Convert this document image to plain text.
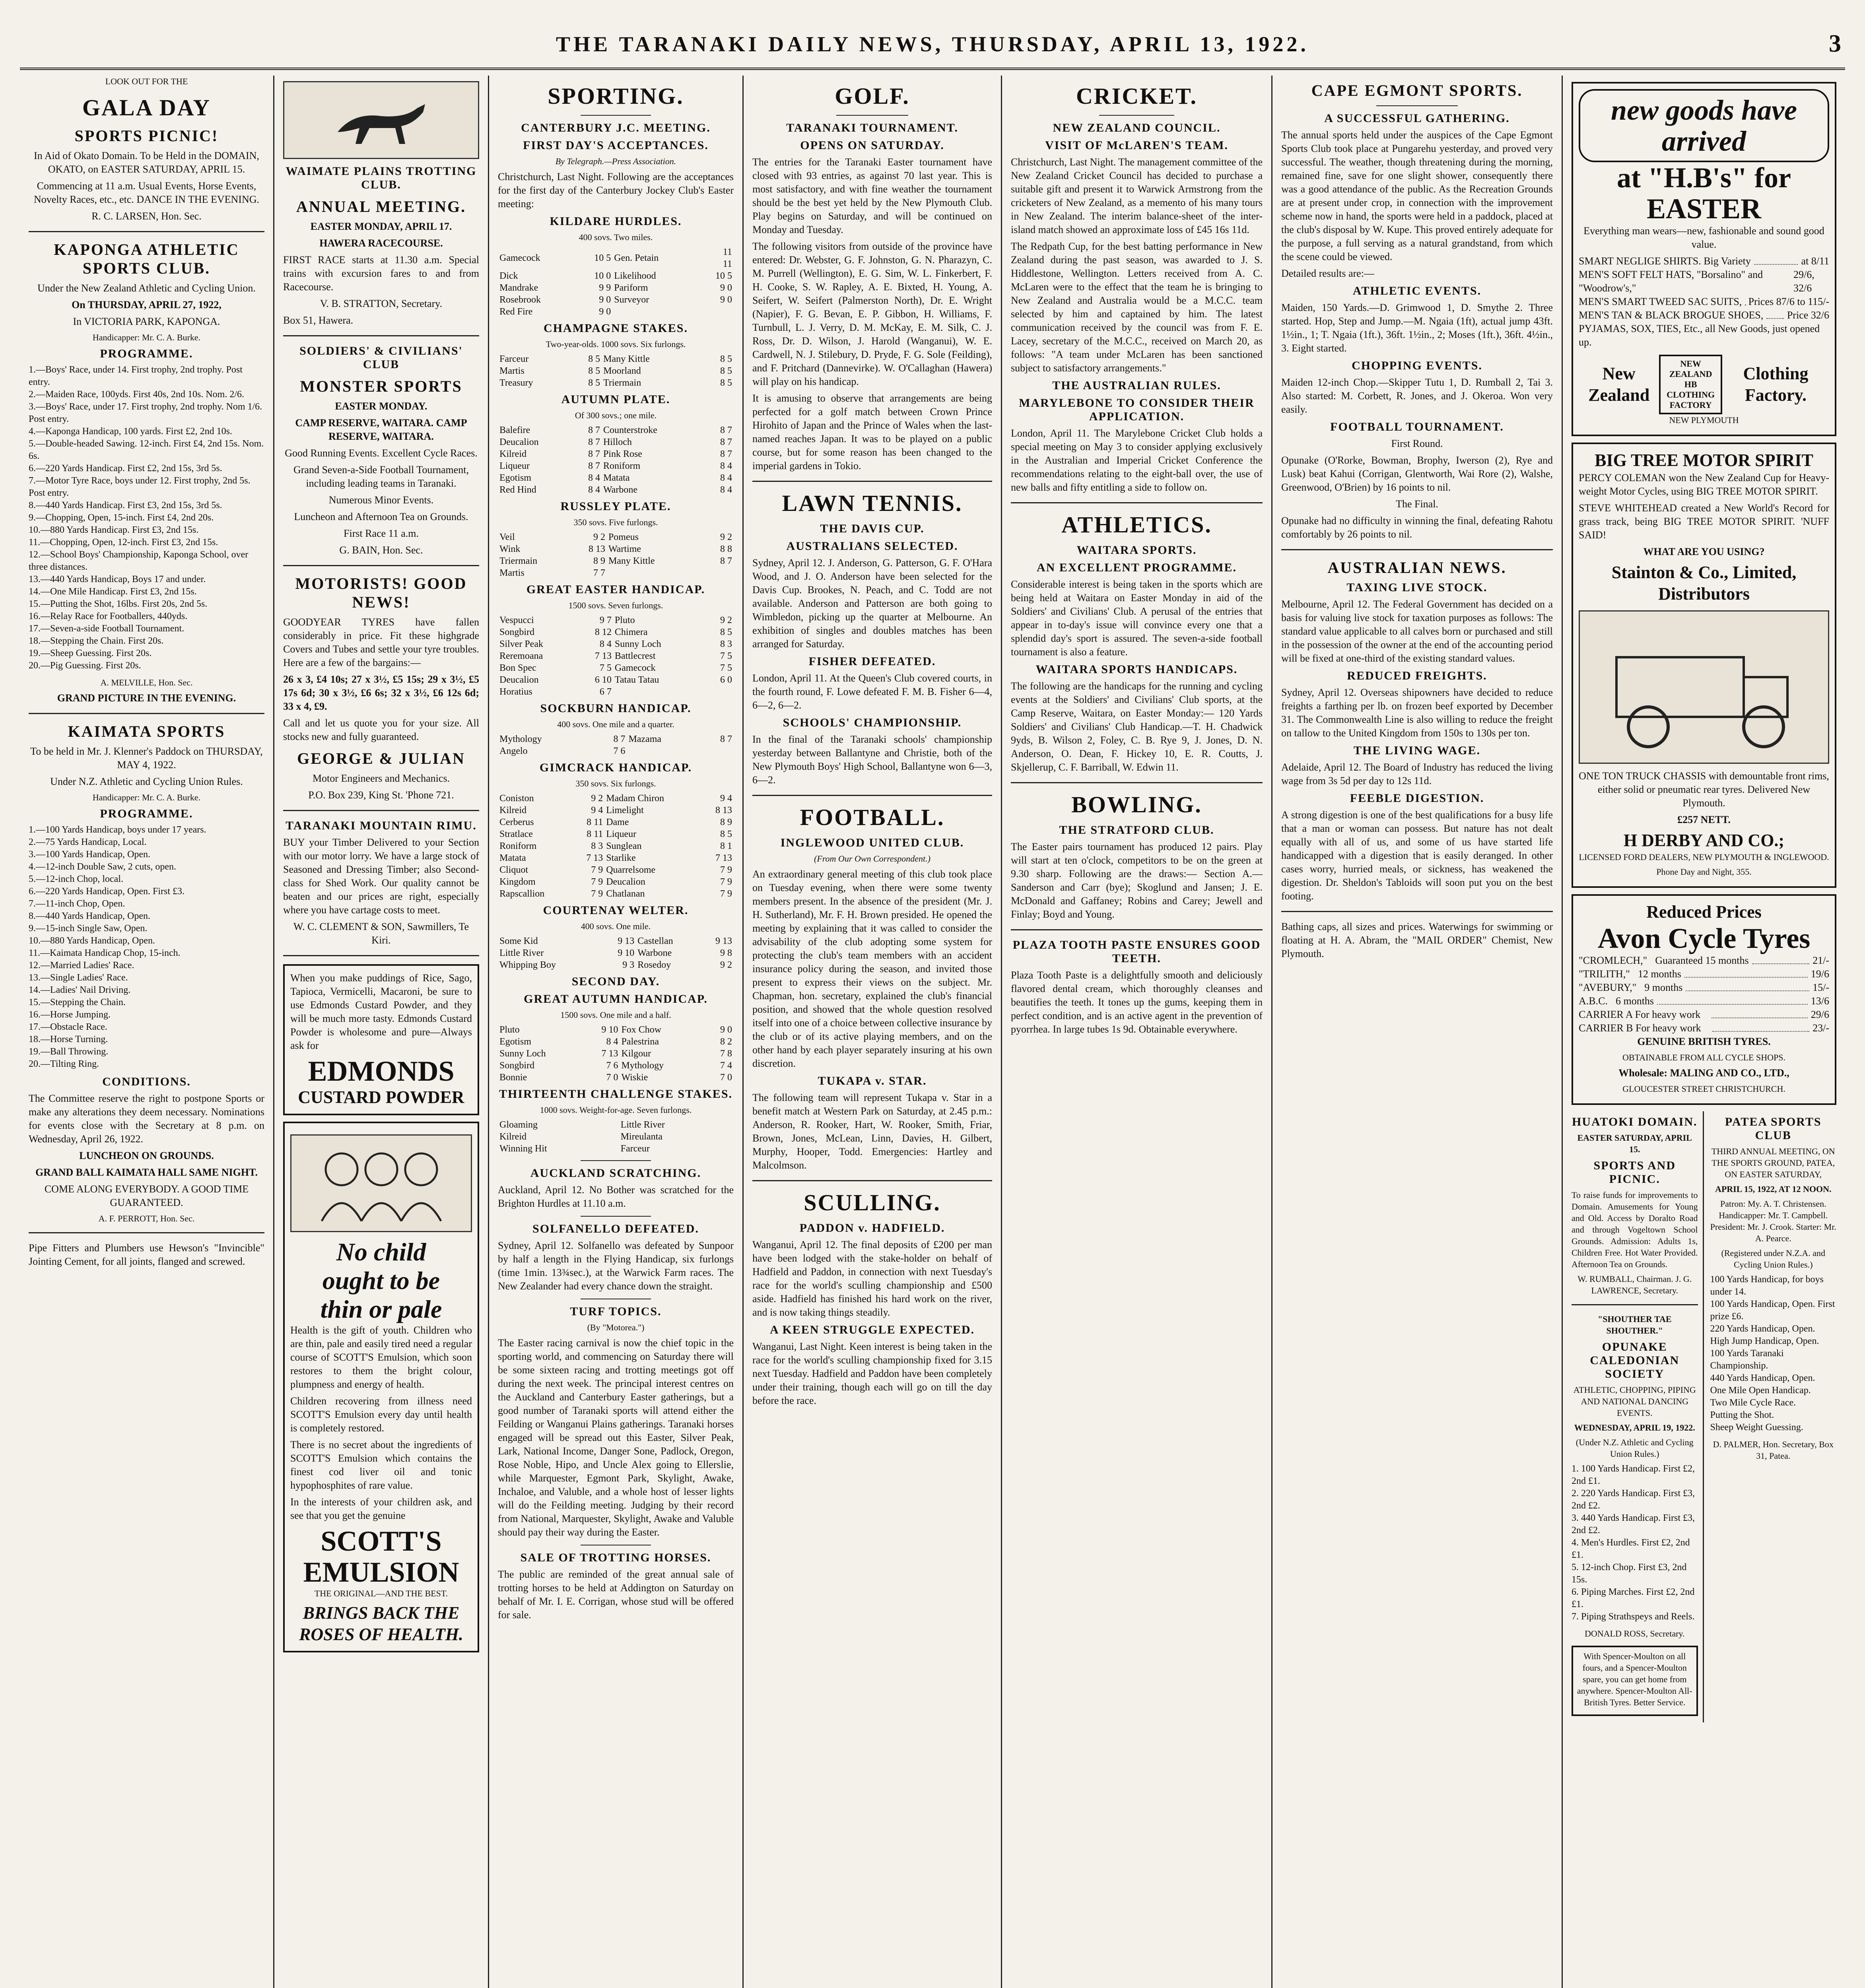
THE TARANAKI DAILY NEWS, THURSDAY, APRIL 13, 1922.	3

LOOK OUT FOR THE

GALA DAY
SPORTS PICNIC!

In Aid of Okato Domain. To be Held in the DOMAIN, OKATO, on EASTER SATURDAY, APRIL 15.

Commencing at 11 a.m. Usual Events, Horse Events, Novelty Races, etc., etc. DANCE IN THE EVENING.

R. C. LARSEN, Hon. Sec.

KAPONGA ATHLETIC SPORTS CLUB.

Under the New Zealand Athletic and Cycling Union.

On THURSDAY, APRIL 27, 1922,

In VICTORIA PARK, KAPONGA.

Handicapper: Mr. C. A. Burke.

PROGRAMME.
1.—Boys' Race, under 14. First trophy, 2nd trophy. Post entry.
2.—Maiden Race, 100yds. First 40s, 2nd 10s. Nom. 2/6.
3.—Boys' Race, under 17. First trophy, 2nd trophy. Nom 1/6. Post entry.
4.—Kaponga Handicap, 100 yards. First £2, 2nd 10s.
5.—Double-headed Sawing. 12-inch. First £4, 2nd 15s. Nom. 6s.
6.—220 Yards Handicap. First £2, 2nd 15s, 3rd 5s.
7.—Motor Tyre Race, boys under 12. First trophy, 2nd 5s. Post entry.
8.—440 Yards Handicap. First £3, 2nd 15s, 3rd 5s.
9.—Chopping, Open, 15-inch. First £4, 2nd 20s.
10.—880 Yards Handicap. First £3, 2nd 15s.
11.—Chopping, Open, 12-inch. First £3, 2nd 15s.
12.—School Boys' Championship, Kaponga School, over three distances.
13.—440 Yards Handicap, Boys 17 and under.
14.—One Mile Handicap. First £3, 2nd 15s.
15.—Putting the Shot, 16lbs. First 20s, 2nd 5s.
16.—Relay Race for Footballers, 440yds.
17.—Seven-a-side Football Tournament.
18.—Stepping the Chain. First 20s.
19.—Sheep Guessing. First 20s.
20.—Pig Guessing. First 20s.

A. MELVILLE, Hon. Sec.

GRAND PICTURE IN THE EVENING.

KAIMATA SPORTS

To be held in Mr. J. Klenner's Paddock on THURSDAY, MAY 4, 1922.

Under N.Z. Athletic and Cycling Union Rules.

Handicapper: Mr. C. A. Burke.

PROGRAMME.
1.—100 Yards Handicap, boys under 17 years.
2.—75 Yards Handicap, Local.
3.—100 Yards Handicap, Open.
4.—12-inch Double Saw, 2 cuts, open.
5.—12-inch Chop, local.
6.—220 Yards Handicap, Open. First £3.
7.—11-inch Chop, Open.
8.—440 Yards Handicap, Open.
9.—15-inch Single Saw, Open.
10.—880 Yards Handicap, Open.
11.—Kaimata Handicap Chop, 15-inch.
12.—Married Ladies' Race.
13.—Single Ladies' Race.
14.—Ladies' Nail Driving.
15.—Stepping the Chain.
16.—Horse Jumping.
17.—Obstacle Race.
18.—Horse Turning.
19.—Ball Throwing.
20.—Tilting Ring.
CONDITIONS.

The Committee reserve the right to postpone Sports or make any alterations they deem necessary. Nominations for events close with the Secretary at 8 p.m. on Wednesday, April 26, 1922.

LUNCHEON ON GROUNDS.

GRAND BALL KAIMATA HALL SAME NIGHT.

COME ALONG EVERYBODY. A GOOD TIME GUARANTEED.

A. F. PERROTT, Hon. Sec.

Pipe Fitters and Plumbers use Hewson's "Invincible" Jointing Cement, for all joints, flanged and screwed.

WAIMATE PLAINS TROTTING CLUB.
ANNUAL MEETING.

EASTER MONDAY, APRIL 17.

HAWERA RACECOURSE.

FIRST RACE starts at 11.30 a.m. Special trains with excursion fares to and from Racecourse.

V. B. STRATTON, Secretary.

Box 51, Hawera.

SOLDIERS' & CIVILIANS' CLUB
MONSTER SPORTS

EASTER MONDAY.

CAMP RESERVE, WAITARA. CAMP RESERVE, WAITARA.

Good Running Events. Excellent Cycle Races.

Grand Seven-a-Side Football Tournament, including leading teams in Taranaki.

Numerous Minor Events.

Luncheon and Afternoon Tea on Grounds.

First Race 11 a.m.

G. BAIN, Hon. Sec.

MOTORISTS! GOOD NEWS!

GOODYEAR TYRES have fallen considerably in price. Fit these highgrade Covers and Tubes and settle your tyre troubles. Here are a few of the bargains:—

26 x 3, £4 10s; 27 x 3½, £5 15s; 29 x 3½, £5 17s 6d; 30 x 3½, £6 6s; 32 x 3½, £6 12s 6d; 33 x 4, £9.

Call and let us quote you for your size. All stocks new and fully guaranteed.

GEORGE & JULIAN

Motor Engineers and Mechanics.

P.O. Box 239, King St. 'Phone 721.

TARANAKI MOUNTAIN RIMU.

BUY your Timber Delivered to your Section with our motor lorry. We have a large stock of Seasoned and Dressing Timber; also Second-class for Shed Work. Our quality cannot be beaten and our prices are right, especially where you have cartage costs to meet.

W. C. CLEMENT & SON, Sawmillers, Te Kiri.

When you make puddings of Rice, Sago, Tapioca, Vermicelli, Macaroni, be sure to use Edmonds Custard Powder, and they will be much more tasty. Edmonds Custard Powder is wholesome and pure—Always ask for

EDMONDS
CUSTARD POWDER
No child
ought to be
thin or pale

Health is the gift of youth. Children who are thin, pale and easily tired need a regular course of SCOTT'S Emulsion, which soon restores to them the bright colour, plumpness and energy of health.

Children recovering from illness need SCOTT'S Emulsion every day until health is completely restored.

There is no secret about the ingredients of SCOTT'S Emulsion which contains the finest cod liver oil and tonic hypophosphites of rare value.

In the interests of your children ask, and see that you get the genuine

SCOTT'S EMULSION

THE ORIGINAL—AND THE BEST.

BRINGS BACK THE ROSES OF HEALTH.
SPORTING.
CANTERBURY J.C. MEETING.
FIRST DAY'S ACCEPTANCES.

By Telegraph.—Press Association.

Christchurch, Last Night. Following are the acceptances for the first day of the Canterbury Jockey Club's Easter meeting:

KILDARE HURDLES.

400 sovs. Two miles.

Gamecock	10 5	Gen. Petain	11 11
Dick	10 0	Likelihood	10 5
Mandrake	9 9	Pariform	9 0
Rosebrook	9 0	Surveyor	9 0
Red Fire	9 0		
CHAMPAGNE STAKES.

Two-year-olds. 1000 sovs. Six furlongs.

Farceur	8 5	Many Kittle	8 5
Martis	8 5	Moorland	8 5
Treasury	8 5	Triermain	8 5
AUTUMN PLATE.

Of 300 sovs.; one mile.

Balefire	8 7	Counterstroke	8 7
Deucalion	8 7	Hilloch	8 7
Kilreid	8 7	Pink Rose	8 7
Liqueur	8 7	Roniform	8 4
Egotism	8 4	Matata	8 4
Red Hind	8 4	Warbone	8 4
RUSSLEY PLATE.

350 sovs. Five furlongs.

Veil	9 2	Pomeus	9 2
Wink	8 13	Wartime	8 8
Triermain	8 9	Many Kittle	8 7
Martis	7 7		
GREAT EASTER HANDICAP.

1500 sovs. Seven furlongs.

Vespucci	9 7	Pluto	9 2
Songbird	8 12	Chimera	8 5
Silver Peak	8 4	Sunny Loch	8 3
Reremoana	7 13	Battlecrest	7 5
Bon Spec	7 5	Gamecock	7 5
Deucalion	6 10	Tatau Tatau	6 0
Horatius	6 7		
SOCKBURN HANDICAP.

400 sovs. One mile and a quarter.

Mythology	8 7	Mazama	8 7
Angelo	7 6		
GIMCRACK HANDICAP.

350 sovs. Six furlongs.

Coniston	9 2	Madam Chiron	9 4
Kilreid	9 4	Limelight	8 13
Cerberus	8 11	Dame	8 9
Stratlace	8 11	Liqueur	8 5
Roniform	8 3	Sunglean	8 1
Matata	7 13	Starlike	7 13
Cliquot	7 9	Quarrelsome	7 9
Kingdom	7 9	Deucalion	7 9
Rapscallion	7 9	Chatlanan	7 9
COURTENAY WELTER.

400 sovs. One mile.

Some Kid	9 13	Castellan	9 13
Little River	9 10	Warbone	9 8
Whipping Boy	9 3	Rosedoy	9 2
SECOND DAY.
GREAT AUTUMN HANDICAP.

1500 sovs. One mile and a half.

Pluto	9 10	Fox Chow	9 0
Egotism	8 4	Palestrina	8 2
Sunny Loch	7 13	Kilgour	7 8
Songbird	7 6	Mythology	7 4
Bonnie	7 0	Wiskie	7 0
THIRTEENTH CHALLENGE STAKES.

1000 sovs. Weight-for-age. Seven furlongs.

Gloaming		Little River	
Kilreid		Mireulanta	
Winning Hit		Farceur	
AUCKLAND SCRATCHING.

Auckland, April 12. No Bother was scratched for the Brighton Hurdles at 11.10 a.m.

SOLFANELLO DEFEATED.

Sydney, April 12. Solfanello was defeated by Sunpoor by half a length in the Flying Handicap, six furlongs (time 1min. 13¾sec.), at the Warwick Farm races. The New Zealander had every chance down the straight.

TURF TOPICS.

(By "Motorea.")

The Easter racing carnival is now the chief topic in the sporting world, and commencing on Saturday there will be some sixteen racing and trotting meetings got off during the next week. The principal interest centres on the Auckland and Canterbury Easter gatherings, but a good number of Taranaki sports will attend either the Feilding or Wanganui Plains gatherings. Taranaki horses engaged will be spread out this Easter, Silver Peak, Lark, National Income, Danger Sone, Padlock, Oregon, Rose Noble, Hipo, and Uncle Alex going to Ellerslie, while Marquester, Egmont Park, Skylight, Awake, Inchaloe, and Valuble, and a whole host of lesser lights will do the Feilding meeting. Judging by their record from National, Marquester, Skylight, Awake and Valuble should pay their way during the Easter.

SALE OF TROTTING HORSES.

The public are reminded of the great annual sale of trotting horses to be held at Addington on Saturday on behalf of Mr. I. E. Corrigan, whose stud will be offered for sale.

GOLF.
TARANAKI TOURNAMENT.
OPENS ON SATURDAY.

The entries for the Taranaki Easter tournament have closed with 93 entries, as against 70 last year. This is most satisfactory, and with fine weather the tournament should be the best yet held by the New Plymouth Club. Play begins on Saturday, and will be continued on Monday and Tuesday.

The following visitors from outside of the province have entered: Dr. Webster, G. F. Johnston, G. N. Pharazyn, C. M. Purrell (Wellington), E. G. Sim, W. L. Finkerbert, F. H. Cooke, S. W. Rapley, A. E. Bixted, H. Young, A. Seifert, W. Seifert (Palmerston North), Dr. E. Wright (Napier), F. G. Bevan, E. P. Gibbon, H. Williams, F. Turnbull, L. J. Verry, D. M. McKay, E. M. Silk, C. J. Ross, Dr. D. Wilson, J. Harold (Wanganui), W. E. Cardwell, N. J. Stilebury, D. Pryde, F. G. Sole (Feilding), and F. Pritchard (Dannevirke). W. O'Callaghan (Hawera) will play on his handicap.

It is amusing to observe that arrangements are being perfected for a golf match between Crown Prince Hirohito of Japan and the Prince of Wales when the last-named reaches Japan. It was to be played on a public course, but for some reason has been changed to the imperial gardens in Tokio.

LAWN TENNIS.
THE DAVIS CUP.
AUSTRALIANS SELECTED.

Sydney, April 12. J. Anderson, G. Patterson, G. F. O'Hara Wood, and J. O. Anderson have been selected for the Davis Cup. Brookes, N. Peach, and C. Todd are not available. Anderson and Patterson are both going to Wimbledon, picking up the quarter at Melbourne. An exhibition of singles and doubles matches has been arranged for Saturday.

FISHER DEFEATED.

London, April 11. At the Queen's Club covered courts, in the fourth round, F. Lowe defeated F. M. B. Fisher 6—4, 6—2, 6—2.

SCHOOLS' CHAMPIONSHIP.

In the final of the Taranaki schools' championship yesterday between Ballantyne and Christie, both of the New Plymouth Boys' High School, Ballantyne won 6—3, 6—2.

FOOTBALL.
INGLEWOOD UNITED CLUB.

(From Our Own Correspondent.)

An extraordinary general meeting of this club took place on Tuesday evening, when there were some twenty members present. In the absence of the president (Mr. J. H. Sutherland), Mr. F. H. Brown presided. He opened the meeting by explaining that it was called to consider the advisability of the club adopting some system for protecting the club's team members with an accident insurance policy during the season, and invited those present to express their views on the subject. Mr. Chapman, hon. secretary, explained the club's financial position, and showed that the whole question resolved itself into one of a choice between collective insurance by the club or of its active playing members, and on the other hand by each player separately insuring at his own discretion.

TUKAPA v. STAR.

The following team will represent Tukapa v. Star in a benefit match at Western Park on Saturday, at 2.45 p.m.: Anderson, R. Rooker, Hart, W. Rooker, Smith, Friar, Brown, Jones, McLean, Linn, Davies, H. Gilbert, Murphy, Hooper, Todd. Emergencies: Hartley and Malcolmson.

SCULLING.
PADDON v. HADFIELD.

Wanganui, April 12. The final deposits of £200 per man have been lodged with the stake-holder on behalf of Hadfield and Paddon, in connection with next Tuesday's race for the world's sculling championship and £500 aside. Hadfield has finished his hard work on the river, and is now taking things steadily.

A KEEN STRUGGLE EXPECTED.

Wanganui, Last Night. Keen interest is being taken in the race for the world's sculling championship fixed for 3.15 next Tuesday. Hadfield and Paddon have been completely under their training, though each will go on till the day before the race.

CRICKET.
NEW ZEALAND COUNCIL.
VISIT OF McLAREN'S TEAM.

Christchurch, Last Night. The management committee of the New Zealand Cricket Council has decided to purchase a suitable gift and present it to Warwick Armstrong from the cricketers of New Zealand, as a memento of his many tours in New Zealand. The interim balance-sheet of the inter-island match showed an approximate loss of £45 16s 11d.

The Redpath Cup, for the best batting performance in New Zealand during the past season, was awarded to J. S. Hiddlestone, Wellington. Letters received from A. C. McLaren were to the effect that the team he is bringing to New Zealand and Australia would be a M.C.C. team selected by him and captained by him. The latest communication received by the council was from F. E. Lacey, secretary of the M.C.C., received on March 20, as follows: "A team under McLaren has been sanctioned subject to satisfactory arrangements."

THE AUSTRALIAN RULES.
MARYLEBONE TO CONSIDER THEIR APPLICATION.

London, April 11. The Marylebone Cricket Club holds a special meeting on May 3 to consider applying exclusively in the Australian and Imperial Cricket Conference the recommendations relating to the eight-ball over, the use of new balls and fifty entitling a side to follow on.

ATHLETICS.
WAITARA SPORTS.
AN EXCELLENT PROGRAMME.

Considerable interest is being taken in the sports which are being held at Waitara on Easter Monday in aid of the Soldiers' and Civilians' Club. A perusal of the entries that appear in to-day's issue will convince every one that a splendid day's sport is assured. The seven-a-side football tournament is also a feature.

WAITARA SPORTS HANDICAPS.

The following are the handicaps for the running and cycling events at the Soldiers' and Civilians' Club sports, at the Camp Reserve, Waitara, on Easter Monday:— 120 Yards Soldiers' and Civilians' Club Handicap.—T. H. Chadwick 9yds, B. Wilson 2, Foley, C. B. Rye 9, J. Jones, D. N. Anderson, O. Dean, F. Hickey 10, E. R. Coutts, J. Skjellerup, C. F. Barriball, W. Edwin 11.

BOWLING.
THE STRATFORD CLUB.

The Easter pairs tournament has produced 12 pairs. Play will start at ten o'clock, competitors to be on the green at 9.30 sharp. Following are the draws:— Section A.—Sanderson and Carr (bye); Skoglund and Jansen; J. E. McDonald and Gaffaney; Robins and Carey; Jewell and Finlay; Boyd and Young.

PLAZA TOOTH PASTE ENSURES GOOD TEETH.

Plaza Tooth Paste is a delightfully smooth and deliciously flavored dental cream, which thoroughly cleanses and beautifies the teeth. It tones up the gums, keeping them in perfect condition, and is an active agent in the prevention of pyorrhea. In large tubes 1s 9d. Obtainable everywhere.

CAPE EGMONT SPORTS.
A SUCCESSFUL GATHERING.

The annual sports held under the auspices of the Cape Egmont Sports Club took place at Pungarehu yesterday, and proved very successful. The weather, though threatening during the morning, remained fine, save for one slight shower, consequently there was a good attendance of the public. As the Recreation Grounds are at present under crop, in connection with the improvement scheme now in hand, the sports were held in a paddock, placed at the club's disposal by W. Kupe. This proved entirely adequate for the purpose, a full serving as a natural grandstand, from which the scene could be viewed.

Detailed results are:—

ATHLETIC EVENTS.

Maiden, 150 Yards.—D. Grimwood 1, D. Smythe 2. Three started. Hop, Step and Jump.—M. Ngaia (1ft), actual jump 43ft. 1½in., 1; T. Ngaia (1ft.), 36ft. 1½in., 2; Moses (1ft.), 36ft. 4½in., 3. Eight started.

CHOPPING EVENTS.

Maiden 12-inch Chop.—Skipper Tutu 1, D. Rumball 2, Tai 3. Also started: M. Corbett, R. Jones, and J. Okeroa. Won very easily.

FOOTBALL TOURNAMENT.

First Round.

Opunake (O'Rorke, Bowman, Brophy, Iwerson (2), Rye and Lusk) beat Kahui (Corrigan, Glentworth, Wai Rore (2), Walshe, Greenwood, O'Brien) by 16 points to nil.

The Final.

Opunake had no difficulty in winning the final, defeating Rahotu comfortably by 26 points to nil.

AUSTRALIAN NEWS.
TAXING LIVE STOCK.

Melbourne, April 12. The Federal Government has decided on a basis for valuing live stock for taxation purposes as follows: The standard value applicable to all calves born or purchased and still in the possession of the owner at the end of the accounting period will be fixed at one-third of the existing standard values.

REDUCED FREIGHTS.

Sydney, April 12. Overseas shipowners have decided to reduce freights a farthing per lb. on frozen beef exported by December 31. The Commonwealth Line is also willing to reduce the freight on tallow to the United Kingdom from 150s to 130s per ton.

THE LIVING WAGE.

Adelaide, April 12. The Board of Industry has reduced the living wage from 3s 5d per day to 12s 11d.

FEEBLE DIGESTION.

A strong digestion is one of the best qualifications for a busy life that a man or woman can possess. But nature has not dealt equally with all of us, and some of us have started life handicapped with a digestion that is easily deranged. In other cases worry, hurried meals, or sickness, has weakened the digestion. Dr. Sheldon's Tabloids will soon put you on the best footing.

Bathing caps, all sizes and prices. Waterwings for swimming or floating at H. A. Abram, the "MAIL ORDER" Chemist, New Plymouth.

new goods have arrived
at "H.B's" for EASTER

Everything man wears—new, fashionable and sound good value.

SMART NEGLIGE SHIRTS. Big Variety	at 8/11
MEN'S SOFT FELT HATS, "Borsalino" and "Woodrow's,"
29/6, 32/6
MEN'S SMART TWEED SAC SUITS, Prices 87/6 to 115/-
MEN'S TAN & BLACK BROGUE SHOES, Price 32/6
PYJAMAS, SOX, TIES, Etc., all New Goods, just opened up.
New Zealand
NEW ZEALAND HB CLOTHING FACTORY
Clothing Factory.

NEW PLYMOUTH

BIG TREE MOTOR SPIRIT

PERCY COLEMAN won the New Zealand Cup for Heavy-weight Motor Cycles, using BIG TREE MOTOR SPIRIT.

STEVE WHITEHEAD created a New World's Record for grass track, being BIG TREE MOTOR SPIRIT. 'NUFF SAID!

WHAT ARE YOU USING?

Stainton & Co., Limited, Distributors

ONE TON TRUCK CHASSIS with demountable front rims, either solid or pneumatic rear tyres. Delivered New Plymouth.

£257 NETT.

H DERBY AND CO.;

LICENSED FORD DEALERS, NEW PLYMOUTH & INGLEWOOD.

Phone Day and Night, 355.

Reduced Prices
Avon Cycle Tyres
"CROMLECH," Guaranteed 15 months	21/-
"TRILITH," 12 months	19/6
"AVEBURY," 9 months	15/-
A.B.C. 6 months	13/6
CARRIER A For heavy work	29/6
CARRIER B For heavy work	23/-

GENUINE BRITISH TYRES.

OBTAINABLE FROM ALL CYCLE SHOPS.

Wholesale: MALING AND CO., LTD.,

GLOUCESTER STREET CHRISTCHURCH.

HUATOKI DOMAIN.

EASTER SATURDAY, APRIL 15.

SPORTS AND PICNIC.

To raise funds for improvements to Domain. Amusements for Young and Old. Access by Doralto Road and through Vogeltown School Grounds. Admission: Adults 1s, Children Free. Hot Water Provided. Afternoon Tea on Grounds.

W. RUMBALL, Chairman. J. G. LAWRENCE, Secretary.

"SHOUTHER TAE SHOUTHER."

OPUNAKE CALEDONIAN SOCIETY

ATHLETIC, CHOPPING, PIPING AND NATIONAL DANCING EVENTS.

WEDNESDAY, APRIL 19, 1922.

(Under N.Z. Athletic and Cycling Union Rules.)

1. 100 Yards Handicap. First £2, 2nd £1.
2. 220 Yards Handicap. First £3, 2nd £2.
3. 440 Yards Handicap. First £3, 2nd £2.
4. Men's Hurdles. First £2, 2nd £1.
5. 12-inch Chop. First £3, 2nd 15s.
6. Piping Marches. First £2, 2nd £1.
7. Piping Strathspeys and Reels.

DONALD ROSS, Secretary.

With Spencer-Moulton on all fours, and a Spencer-Moulton spare, you can get home from anywhere. Spencer-Moulton All-British Tyres. Better Service.

PATEA SPORTS CLUB

THIRD ANNUAL MEETING, ON THE SPORTS GROUND, PATEA, ON EASTER SATURDAY,

APRIL 15, 1922, AT 12 NOON.

Patron: My. A. T. Christensen. Handicapper: Mr. T. Campbell. President: Mr. J. Crook. Starter: Mr. A. Pearce.

(Registered under N.Z.A. and Cycling Union Rules.)

100 Yards Handicap, for boys under 14.
100 Yards Handicap, Open. First prize £6.
220 Yards Handicap, Open.
High Jump Handicap, Open.
100 Yards Taranaki Championship.
440 Yards Handicap, Open.
One Mile Open Handicap.
Two Mile Cycle Race.
Putting the Shot.
Sheep Weight Guessing.

D. PALMER, Hon. Secretary, Box 31, Patea.
